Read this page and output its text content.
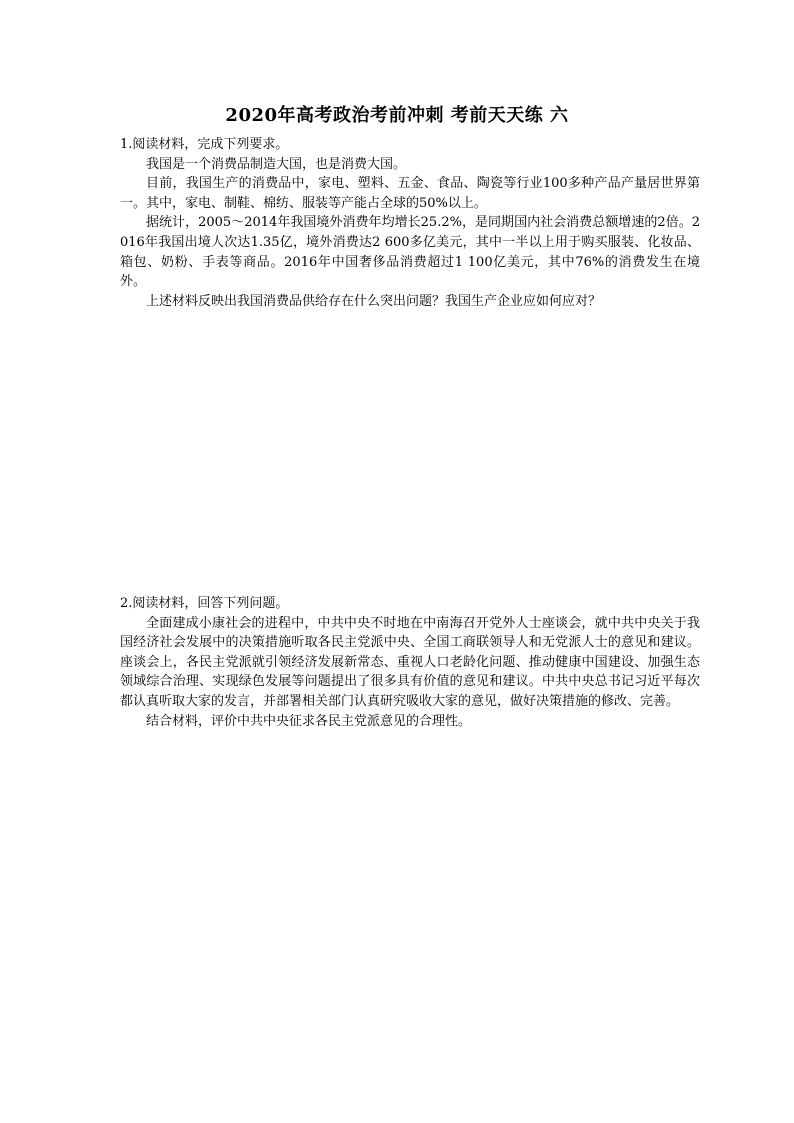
2020年高考政治考前冲刺 考前天天练 六

1.阅读材料，完成下列要求。

我国是一个消费品制造大国，也是消费大国。

目前，我国生产的消费品中，家电、塑料、五金、食品、陶瓷等行业100多种产品产量居世界第一。其中，家电、制鞋、棉纺、服装等产能占全球的50%以上。

据统计，2005～2014年我国境外消费年均增长25.2%，是同期国内社会消费总额增速的2倍。2016年我国出境人次达1.35亿，境外消费达2 600多亿美元，其中一半以上用于购买服装、化妆品、箱包、奶粉、手表等商品。2016年中国奢侈品消费超过1 100亿美元，其中76%的消费发生在境外。

上述材料反映出我国消费品供给存在什么突出问题？我国生产企业应如何应对？

2.阅读材料，回答下列问题。

全面建成小康社会的进程中，中共中央不时地在中南海召开党外人士座谈会，就中共中央关于我国经济社会发展中的决策措施听取各民主党派中央、全国工商联领导人和无党派人士的意见和建议。座谈会上，各民主党派就引领经济发展新常态、重视人口老龄化问题、推动健康中国建设、加强生态领域综合治理、实现绿色发展等问题提出了很多具有价值的意见和建议。中共中央总书记习近平每次都认真听取大家的发言，并部署相关部门认真研究吸收大家的意见，做好决策措施的修改、完善。

结合材料，评价中共中央征求各民主党派意见的合理性。
